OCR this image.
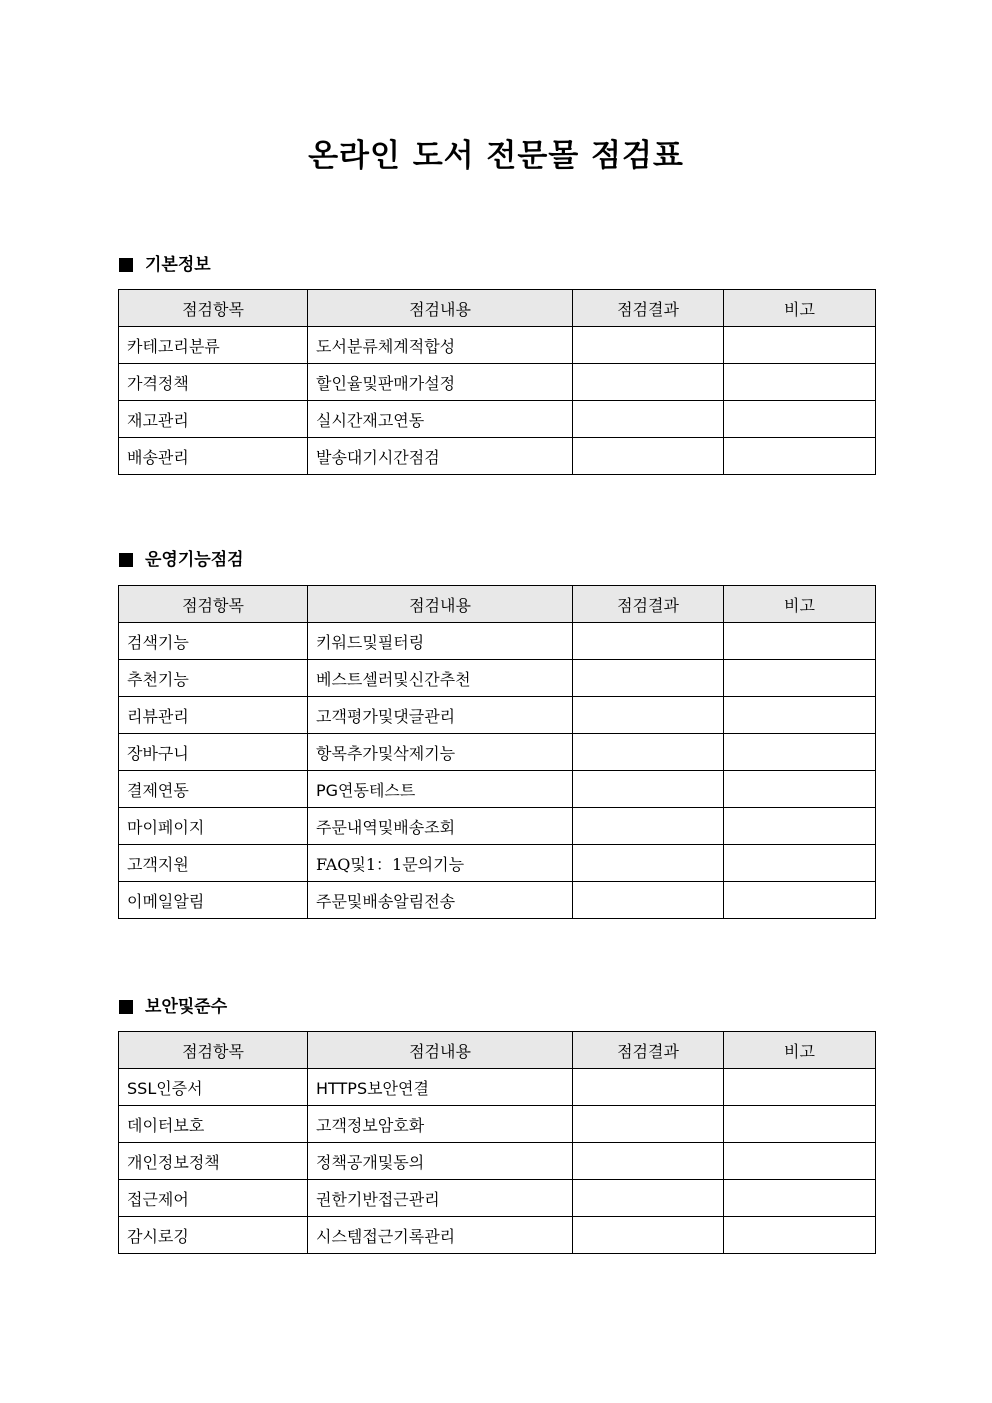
온라인 도서 전문몰 점검표
기본정보
점검항목	점검내용	점검결과	비고
카테고리분류	도서분류체계적합성		
가격정책	할인율및판매가설정		
재고관리	실시간재고연동		
배송관리	발송대기시간점검		
운영기능점검
점검항목	점검내용	점검결과	비고
검색기능	키워드및필터링		
추천기능	베스트셀러및신간추천		
리뷰관리	고객평가및댓글관리		
장바구니	항목추가및삭제기능		
결제연동	PG연동테스트		
마이페이지	주문내역및배송조회		
고객지원	FAQ및1：1문의기능		
이메일알림	주문및배송알림전송		
보안및준수
점검항목	점검내용	점검결과	비고
SSL인증서	HTTPS보안연결		
데이터보호	고객정보암호화		
개인정보정책	정책공개및동의		
접근제어	권한기반접근관리		
감시로깅	시스템접근기록관리		
